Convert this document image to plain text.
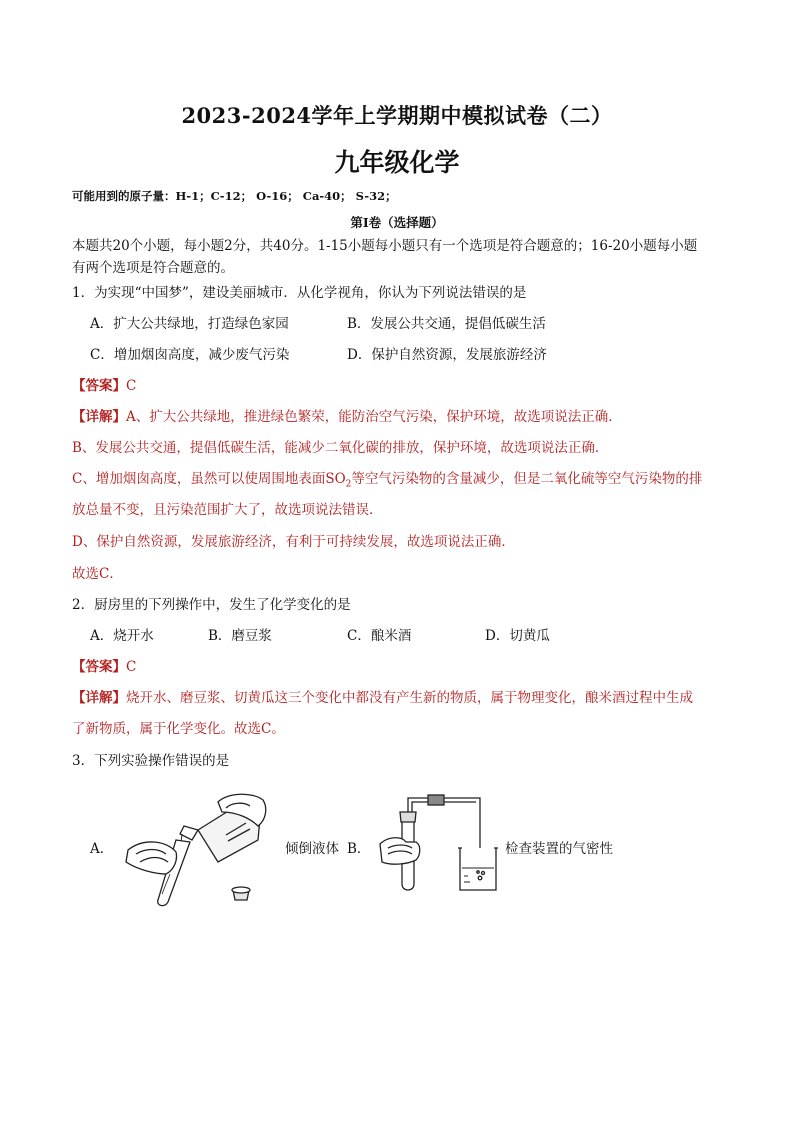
2023-2024学年上学期期中模拟试卷（二）
九年级化学
可能用到的原子量：H-1；C-12； O-16； Ca-40； S-32；
第Ⅰ卷（选择题）
本题共20个小题，每小题2分，共40分。1-15小题每小题只有一个选项是符合题意的；16-20小题每小题
有两个选项是符合题意的。
1．为实现“中国梦”，建设美丽城市．从化学视角，你认为下列说法错误的是
A．扩大公共绿地，打造绿色家园	B．发展公共交通，提倡低碳生活
C．增加烟囱高度，减少废气污染	D．保护自然资源，发展旅游经济
【答案】C
【详解】A、扩大公共绿地，推进绿色繁荣，能防治空气污染，保护环境，故选项说法正确．
B、发展公共交通，提倡低碳生活，能减少二氧化碳的排放，保护环境，故选项说法正确．
C、增加烟囱高度，虽然可以使周围地表面$SO_2$等空气污染物的含量减少，但是二氧化硫等空气污染物的排
放总量不变，且污染范围扩大了，故选项说法错误．
D、保护自然资源，发展旅游经济，有利于可持续发展，故选项说法正确．
故选C．
2．厨房里的下列操作中，发生了化学变化的是
A．烧开水	B．磨豆浆	C．酿米酒	D．切黄瓜
【答案】C
【详解】烧开水、磨豆浆、切黄瓜这三个变化中都没有产生新的物质，属于物理变化，酿米酒过程中生成
了新物质，属于化学变化。故选C。
3．下列实验操作错误的是
A．	倾倒液体 B．	检查装置的气密性
